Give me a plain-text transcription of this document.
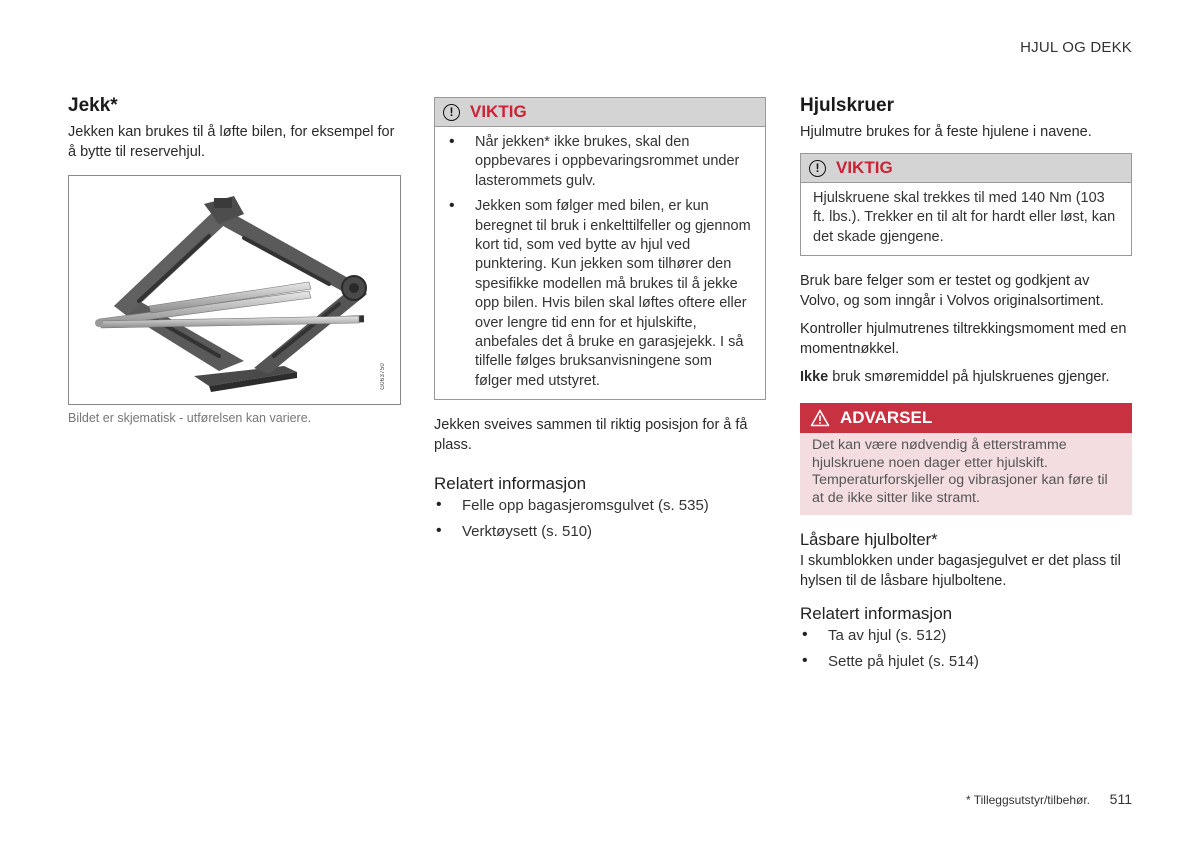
HJUL OG DEKK
Jekk*

Jekken kan brukes til å løfte bilen, for eksempel for å bytte til reservehjul.

G063750
Bildet er skjematisk - utførelsen kan variere.
! VIKTIG
• Når jekken* ikke brukes, skal den oppbevares i oppbevaringsrommet under lasterommets gulv.
• Jekken som følger med bilen, er kun beregnet til bruk i enkelttilfeller og gjennom kort tid, som ved bytte av hjul ved punktering. Kun jekken som tilhører den spesifikke modellen må brukes til å jekke opp bilen. Hvis bilen skal løftes oftere eller over lengre tid enn for et hjulskifte, anbefales det å bruke en garasjejekk. I så tilfelle følges bruksanvisningene som følger med utstyret.

Jekken sveives sammen til riktig posisjon for å få plass.

Relatert informasjon
• Felle opp bagasjeromsgulvet (s. 535)
• Verktøysett (s. 510)
Hjulskruer

Hjulmutre brukes for å feste hjulene i navene.

! VIKTIG
Hjulskruene skal trekkes til med 140 Nm (103 ft. lbs.). Trekker en til alt for hardt eller løst, kan det skade gjengene.

Bruk bare felger som er testet og godkjent av Volvo, og som inngår i Volvos originalsortiment.

Kontroller hjulmutrenes tiltrekkingsmoment med en momentnøkkel.

Ikke bruk smøremiddel på hjulskruenes gjenger.

ADVARSEL
Det kan være nødvendig å etterstramme hjulskruene noen dager etter hjulskift. Temperaturforskjeller og vibrasjoner kan føre til at de ikke sitter like stramt.
Låsbare hjulbolter*

I skumblokken under bagasjegulvet er det plass til hylsen til de låsbare hjulboltene.

Relatert informasjon
• Ta av hjul (s. 512)
• Sette på hjulet (s. 514)
* Tilleggsutstyr/tilbehør. 511
